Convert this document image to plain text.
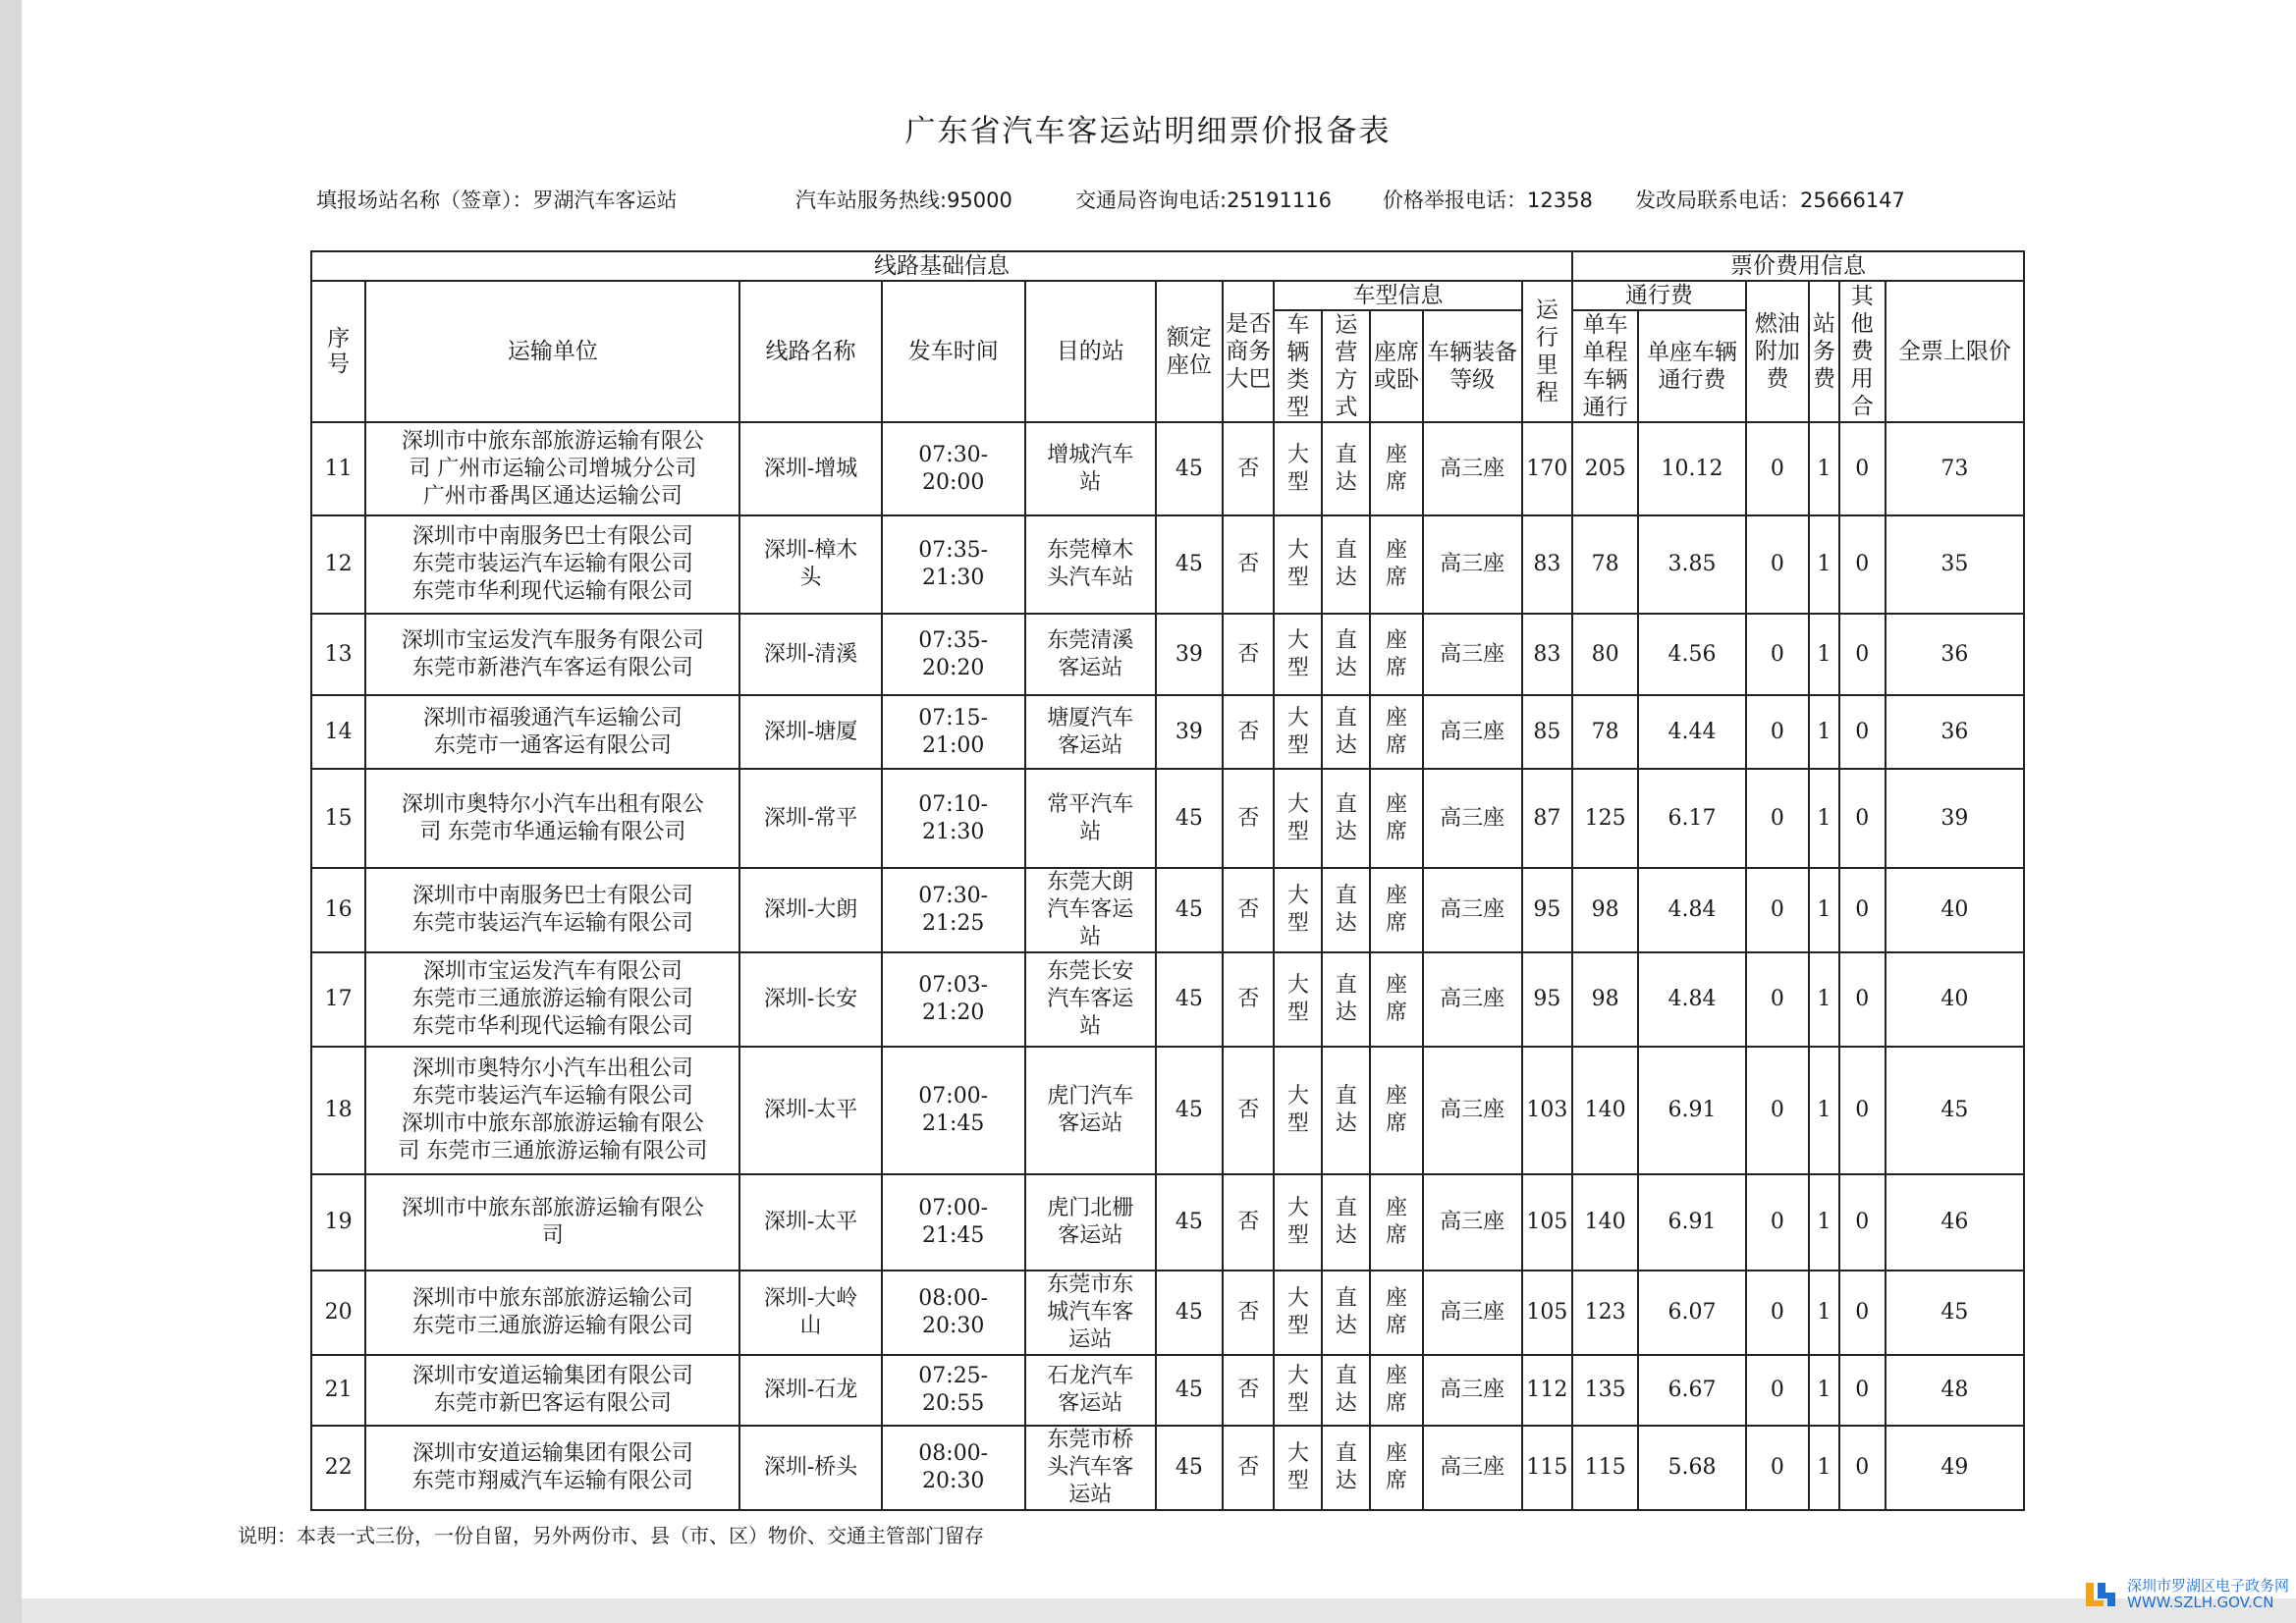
广东省汽车客运站明细票价报备表
填报场站名称（签章）：罗湖汽车客运站	汽车站服务热线:95000	交通局咨询电话:25191116 价格举报电话：12358 发改局联系电话：25666147
线路基础信息												票价费用信息					
序号	运输单位	线路名称	发车时间	目的站	额定座位	是否商务大巴	车型信息				运行里程	通行费		燃油附加费	站务费	其他费用合	全票上限价
							车辆类型	运营方式	座席或卧	车辆装备等级		单车单程车辆通行	单座车辆通行费				
11	深圳市中旅东部旅游运输有限公
司 广州市运输公司增城分公司
广州市番禺区通达运输公司	深圳-增城	07:30-
20:00	增城汽车
站	45	否	大
型	直
达	座
席	高三座	170	205	10.12	0	1	0	73
12	深圳市中南服务巴士有限公司
东莞市装运汽车运输有限公司
东莞市华利现代运输有限公司	深圳-樟木
头	07:35-
21:30	东莞樟木
头汽车站	45	否	大
型	直
达	座
席	高三座	83	78	3.85	0	1	0	35
13	深圳市宝运发汽车服务有限公司
东莞市新港汽车客运有限公司	深圳-清溪	07:35-
20:20	东莞清溪
客运站	39	否	大
型	直
达	座
席	高三座	83	80	4.56	0	1	0	36
14	深圳市福骏通汽车运输公司
东莞市一通客运有限公司	深圳-塘厦	07:15-
21:00	塘厦汽车
客运站	39	否	大
型	直
达	座
席	高三座	85	78	4.44	0	1	0	36
15	深圳市奥特尔小汽车出租有限公
司 东莞市华通运输有限公司	深圳-常平	07:10-
21:30	常平汽车
站	45	否	大
型	直
达	座
席	高三座	87	125	6.17	0	1	0	39
16	深圳市中南服务巴士有限公司
东莞市装运汽车运输有限公司	深圳-大朗	07:30-
21:25	东莞大朗
汽车客运
站	45	否	大
型	直
达	座
席	高三座	95	98	4.84	0	1	0	40
17	深圳市宝运发汽车有限公司
东莞市三通旅游运输有限公司
东莞市华利现代运输有限公司	深圳-长安	07:03-
21:20	东莞长安
汽车客运
站	45	否	大
型	直
达	座
席	高三座	95	98	4.84	0	1	0	40
18	深圳市奥特尔小汽车出租公司
东莞市装运汽车运输有限公司
深圳市中旅东部旅游运输有限公
司 东莞市三通旅游运输有限公司	深圳-太平	07:00-
21:45	虎门汽车
客运站	45	否	大
型	直
达	座
席	高三座	103	140	6.91	0	1	0	45
19	深圳市中旅东部旅游运输有限公
司	深圳-太平	07:00-
21:45	虎门北栅
客运站	45	否	大
型	直
达	座
席	高三座	105	140	6.91	0	1	0	46
20	深圳市中旅东部旅游运输公司
东莞市三通旅游运输有限公司	深圳-大岭
山	08:00-
20:30	东莞市东
城汽车客
运站	45	否	大
型	直
达	座
席	高三座	105	123	6.07	0	1	0	45
21	深圳市安道运输集团有限公司
东莞市新巴客运有限公司	深圳-石龙	07:25-
20:55	石龙汽车
客运站	45	否	大
型	直
达	座
席	高三座	112	135	6.67	0	1	0	48
22	深圳市安道运输集团有限公司
东莞市翔威汽车运输有限公司	深圳-桥头	08:00-
20:30	东莞市桥
头汽车客
运站	45	否	大
型	直
达	座
席	高三座	115	115	5.68	0	1	0	49
说明：本表一式三份，一份自留，另外两份市、县（市、区）物价、交通主管部门留存
深圳市罗湖区电子政务网
WWW.SZLH.GOV.CN
